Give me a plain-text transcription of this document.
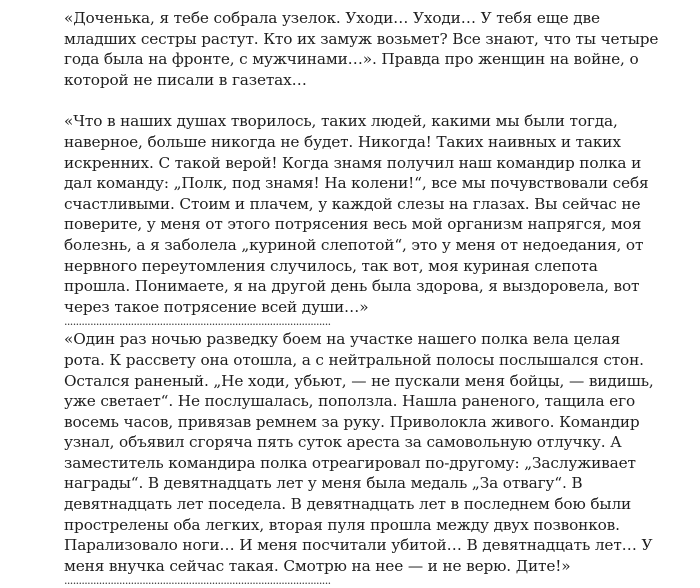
«Доченька, я тебе собрала узелок. Уходи… Уходи… У тебя еще две младших сестры растут. Кто их замуж возьмет? Все знают, что ты четыре года была на фронте, с мужчинами…». Правда про женщин на войне, о которой не писали в газетах…

«Что в наших душах творилось, таких людей, какими мы были тогда, наверное, больше никогда не будет. Никогда! Таких наивных и таких искренних. С такой верой! Когда знамя получил наш командир полка и дал команду: „Полк, под знамя! На колени!“, все мы почувствовали себя счастливыми. Стоим и плачем, у каждой слезы на глазах. Вы сейчас не поверите, у меня от этого потрясения весь мой организм напрягся, моя болезнь, а я заболела „куриной слепотой“, это у меня от недоедания, от нервного переутомления случилось, так вот, моя куриная слепота прошла. Понимаете, я на другой день была здорова, я выздоровела, вот через такое потрясение всей души…»

............................................................................................

«Один раз ночью разведку боем на участке нашего полка вела целая рота. К рассвету она отошла, а с нейтральной полосы послышался стон. Остался раненый. „Не ходи, убьют, — не пускали меня бойцы, — видишь, уже светает“. Не послушалась, поползла. Нашла раненого, тащила его восемь часов, привязав ремнем за руку. Приволокла живого. Командир узнал, объявил сгоряча пять суток ареста за самовольную отлучку. А заместитель командира полка отреагировал по-другому: „Заслуживает награды“. В девятнадцать лет у меня была медаль „За отвагу“. В девятнадцать лет поседела. В девятнадцать лет в последнем бою были прострелены оба легких, вторая пуля прошла между двух позвонков. Парализовало ноги… И меня посчитали убитой… В девятнадцать лет… У меня внучка сейчас такая. Смотрю на нее — и не верю. Дите!»

............................................................................................
